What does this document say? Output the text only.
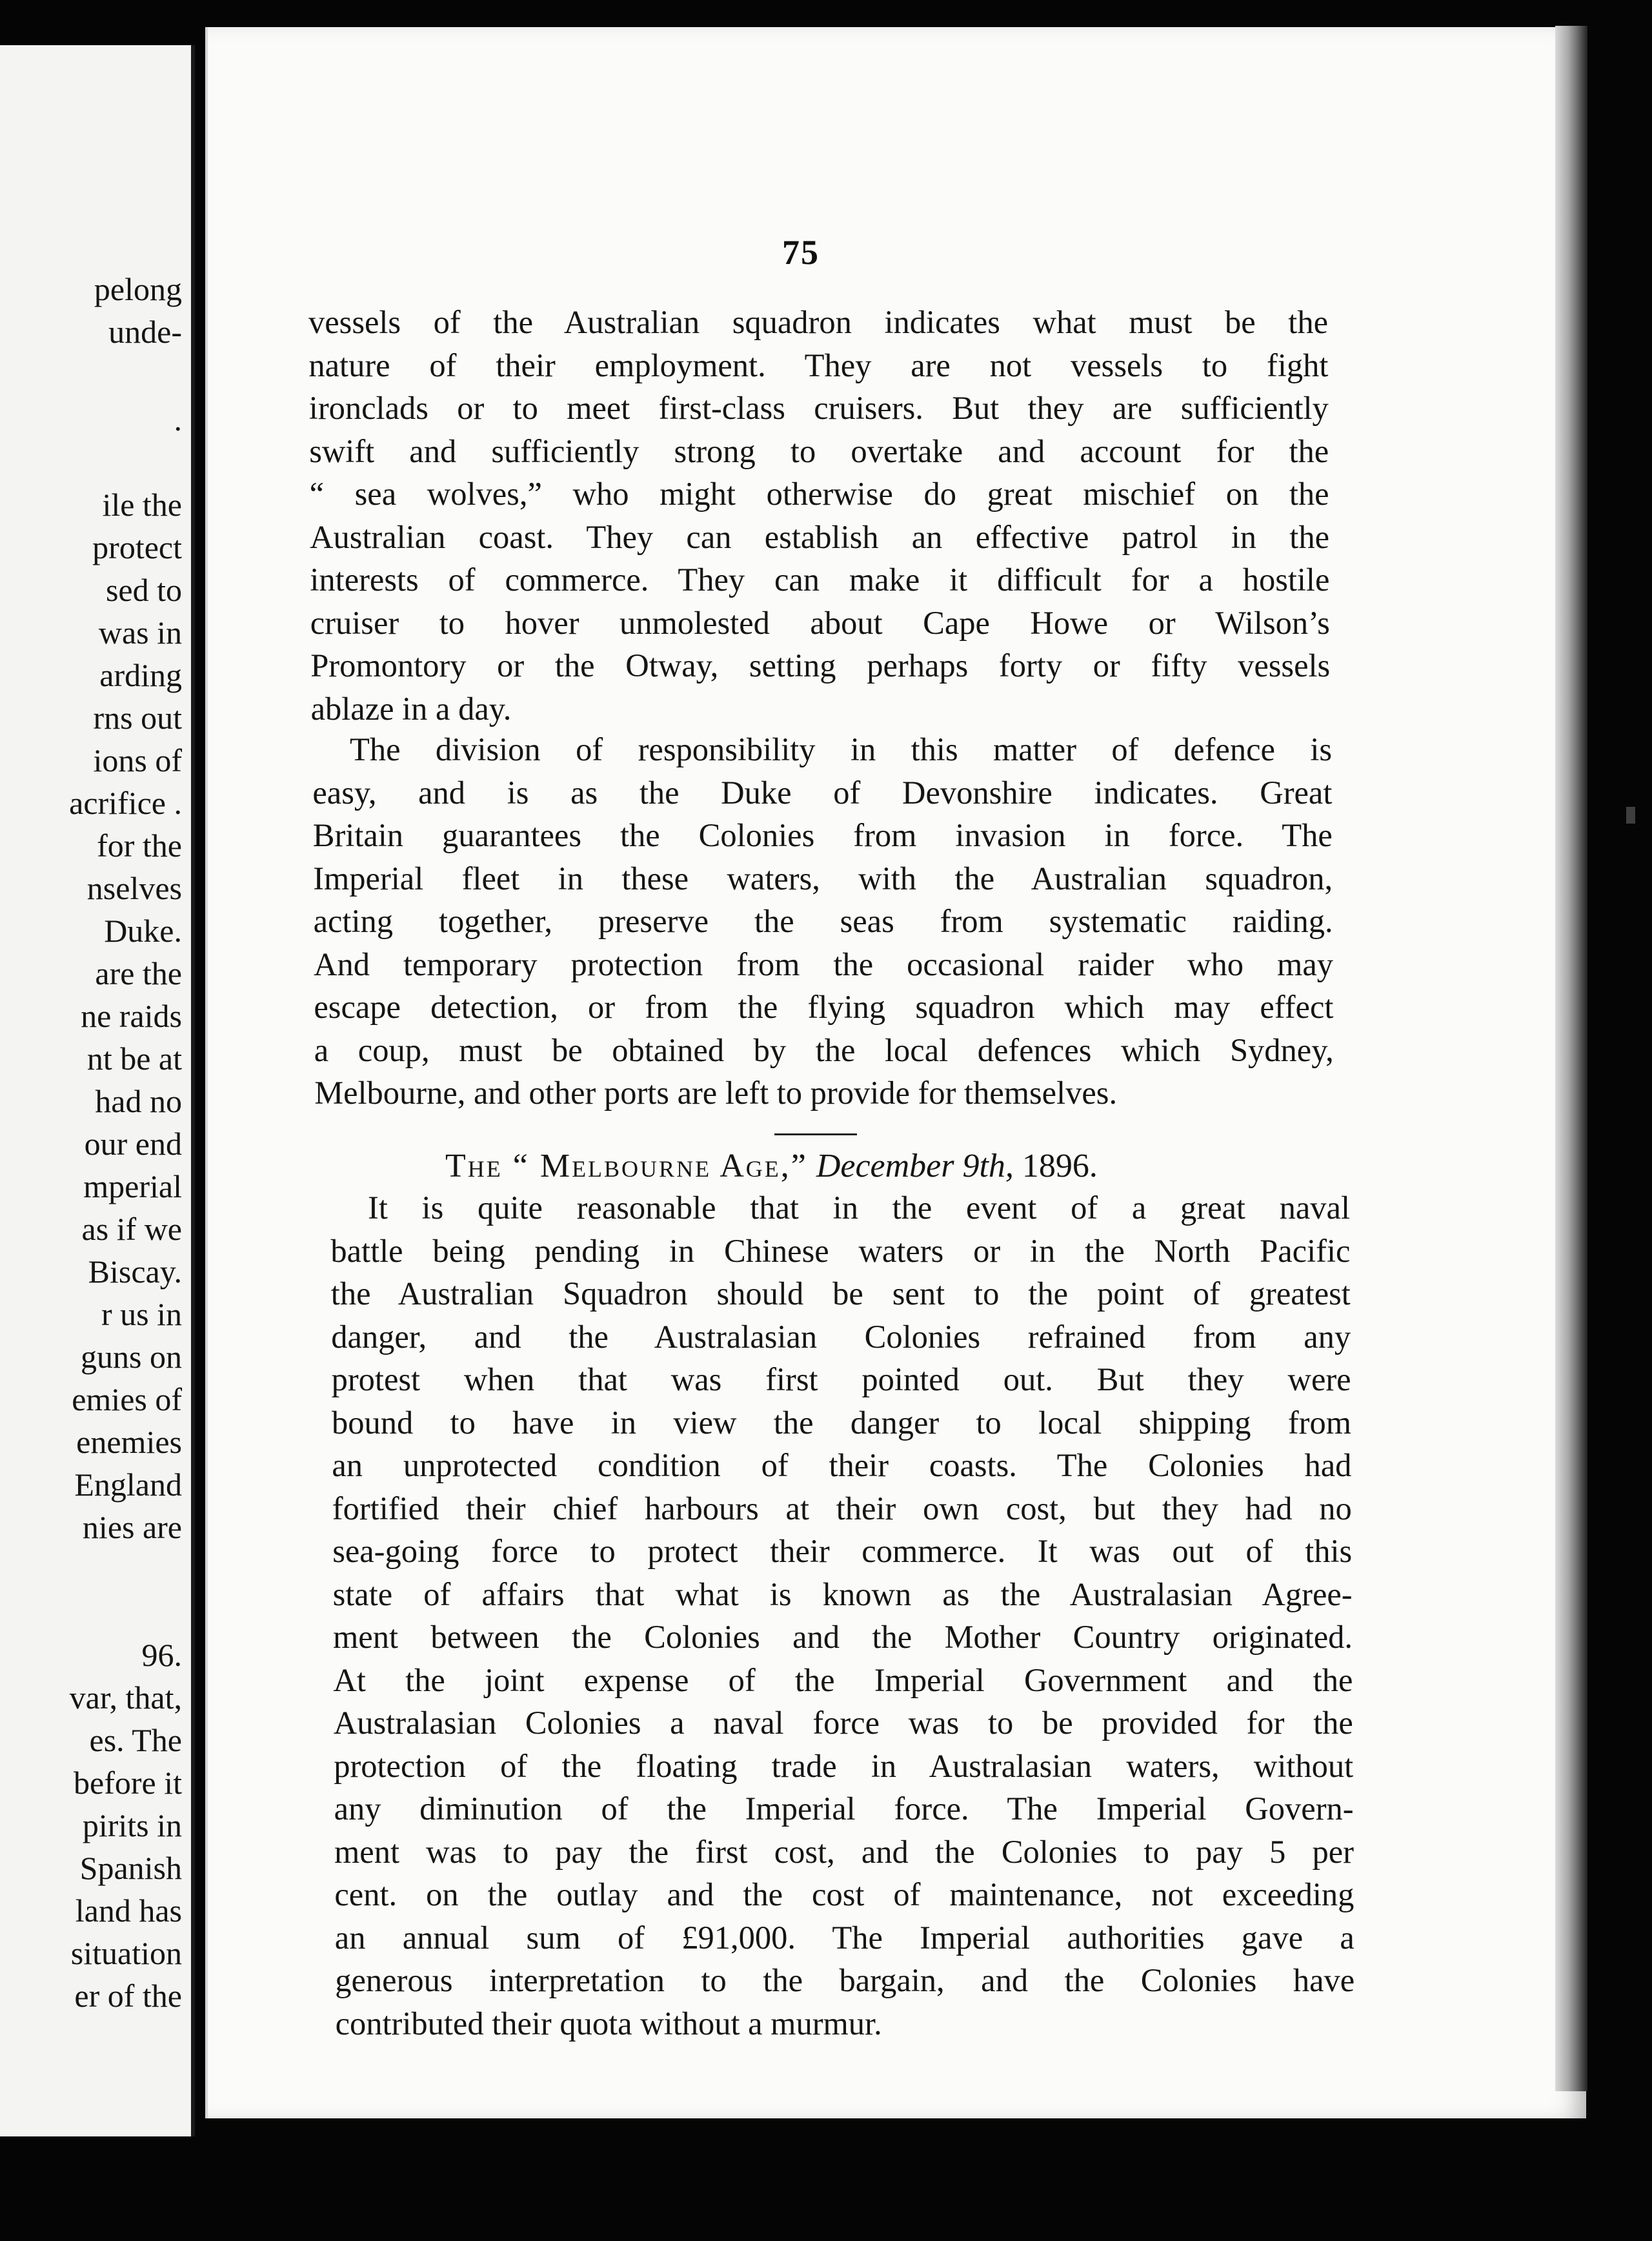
pelong
unde-
.
ile the
protect
sed to
was in
arding
rns out
ions of
acrifice .
for the
nselves
Duke.
are the
ne raids
nt be at
had no
our end
mperial
as if we
Biscay.
r us in
guns on
emies of
enemies
England
nies are
96.
var, that,
es. The
before it
pirits in
Spanish
land has
situation
er of the
75

vessels of the Australian squadron indicates what must be the

nature of their employment. They are not vessels to fight

ironclads or to meet first-class cruisers. But they are sufficiently

swift and sufficiently strong to overtake and account for the

“ sea wolves,” who might otherwise do great mischief on the

Australian coast. They can establish an effective patrol in the

interests of commerce. They can make it difficult for a hostile

cruiser to hover unmolested about Cape Howe or Wilson’s

Promontory or the Otway, setting perhaps forty or fifty vessels

ablaze in a day.

The division of responsibility in this matter of defence is

easy, and is as the Duke of Devonshire indicates. Great

Britain guarantees the Colonies from invasion in force. The

Imperial fleet in these waters, with the Australian squadron,

acting together, preserve the seas from systematic raiding.

And temporary protection from the occasional raider who may

escape detection, or from the flying squadron which may effect

a coup, must be obtained by the local defences which Sydney,

Melbourne, and other ports are left to provide for themselves.

The “ Melbourne Age,” December 9th, 1896.

It is quite reasonable that in the event of a great naval

battle being pending in Chinese waters or in the North Pacific

the Australian Squadron should be sent to the point of greatest

danger, and the Australasian Colonies refrained from any

protest when that was first pointed out. But they were

bound to have in view the danger to local shipping from

an unprotected condition of their coasts. The Colonies had

fortified their chief harbours at their own cost, but they had no

sea-going force to protect their commerce. It was out of this

state of affairs that what is known as the Australasian Agree-

ment between the Colonies and the Mother Country originated.

At the joint expense of the Imperial Government and the

Australasian Colonies a naval force was to be provided for the

protection of the floating trade in Australasian waters, without

any diminution of the Imperial force. The Imperial Govern-

ment was to pay the first cost, and the Colonies to pay 5 per

cent. on the outlay and the cost of maintenance, not exceeding

an annual sum of £91,000. The Imperial authorities gave a

generous interpretation to the bargain, and the Colonies have

contributed their quota without a murmur.
